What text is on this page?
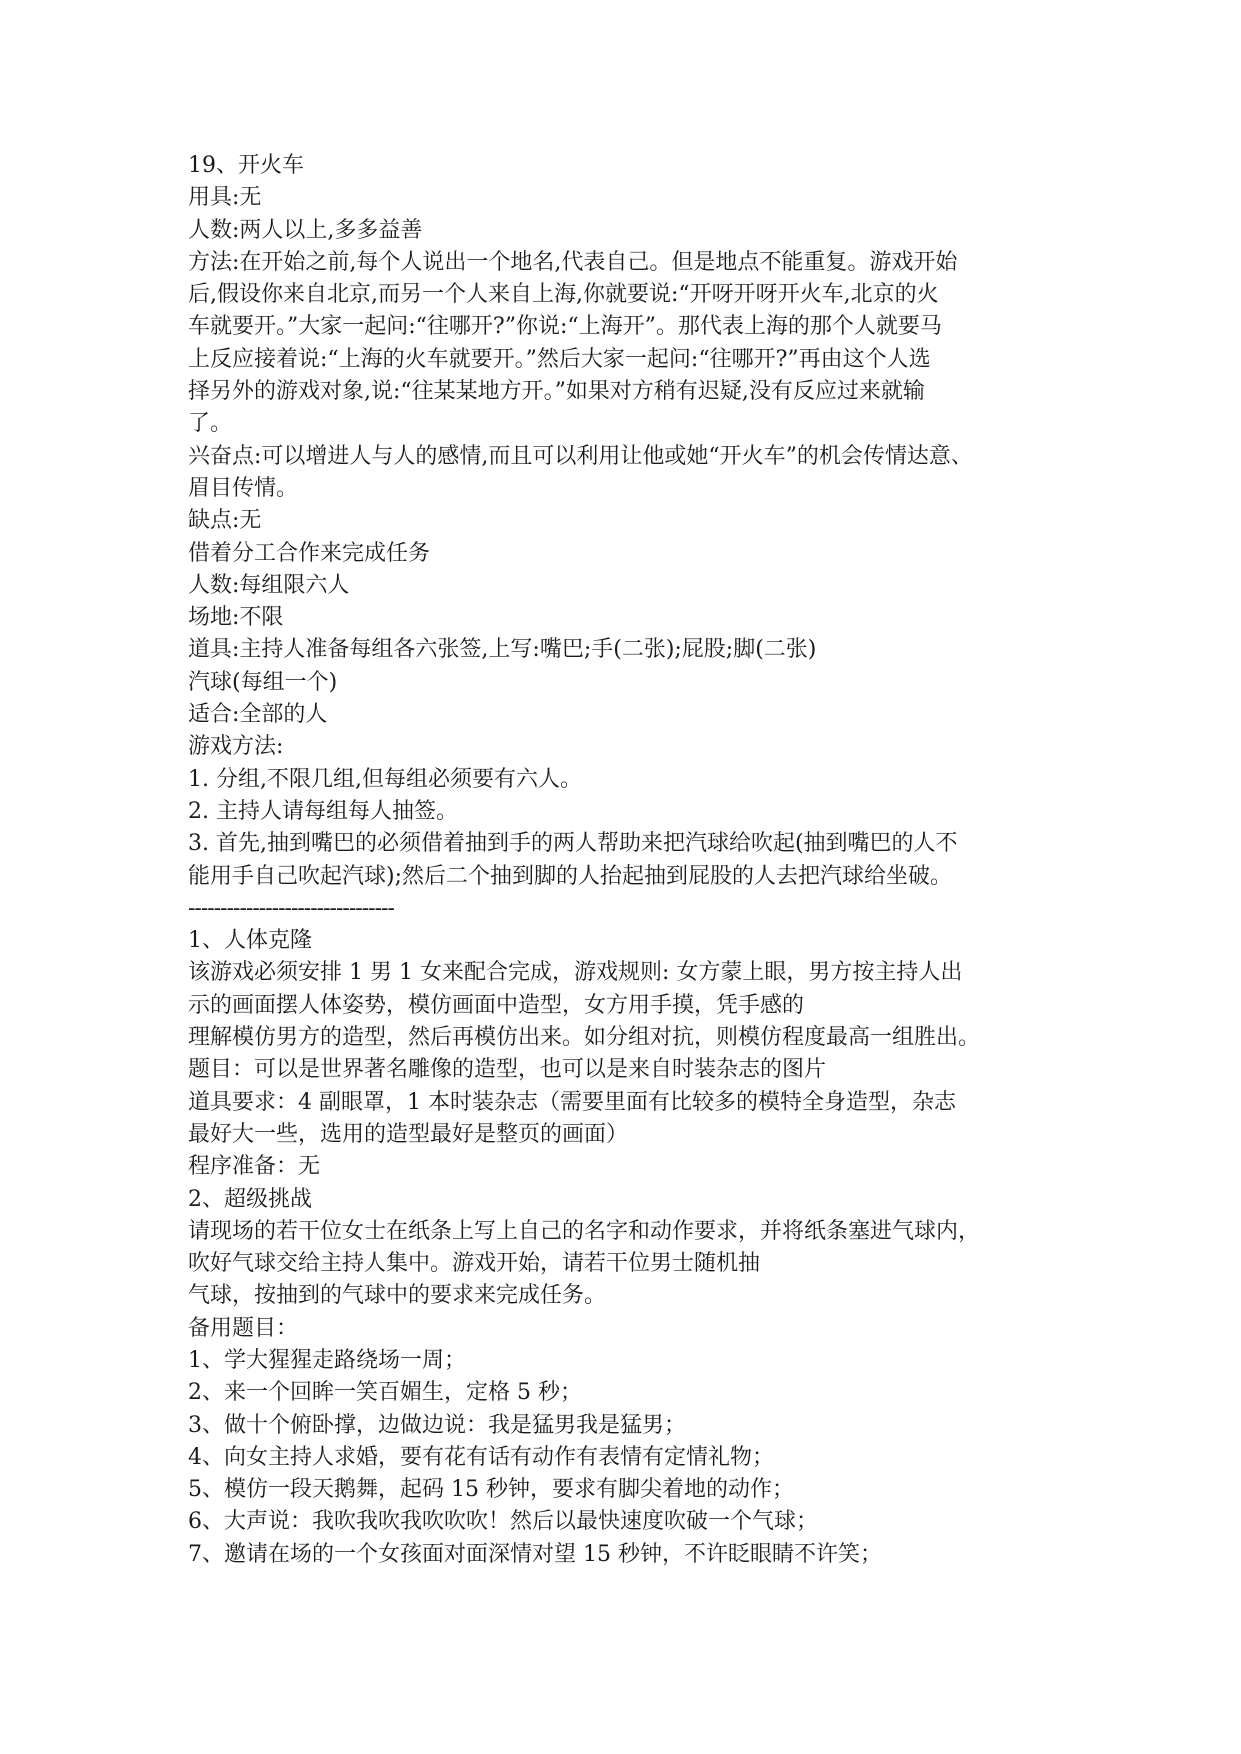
19、开火车
用具:无
人数:两人以上,多多益善
方法:在开始之前,每个人说出一个地名,代表自己。但是地点不能重复。游戏开始
后,假设你来自北京,而另一个人来自上海,你就要说:“开呀开呀开火车,北京的火
车就要开。”大家一起问:“往哪开?”你说:“上海开”。那代表上海的那个人就要马
上反应接着说:“上海的火车就要开。”然后大家一起问:“往哪开?”再由这个人选
择另外的游戏对象,说:“往某某地方开。”如果对方稍有迟疑,没有反应过来就输
了。
兴奋点:可以增进人与人的感情,而且可以利用让他或她“开火车”的机会传情达意、
眉目传情。
缺点:无
借着分工合作来完成任务
人数:每组限六人
场地:不限
道具:主持人准备每组各六张签,上写:嘴巴;手(二张);屁股;脚(二张)
汽球(每组一个)
适合:全部的人
游戏方法:
1. 分组,不限几组,但每组必须要有六人。
2. 主持人请每组每人抽签。
3. 首先,抽到嘴巴的必须借着抽到手的两人帮助来把汽球给吹起(抽到嘴巴的人不
能用手自己吹起汽球);然后二个抽到脚的人抬起抽到屁股的人去把汽球给坐破。
--------------------------------
1、人体克隆
该游戏必须安排 1 男 1 女来配合完成，游戏规则: 女方蒙上眼，男方按主持人出
示的画面摆人体姿势，模仿画面中造型，女方用手摸，凭手感的
理解模仿男方的造型，然后再模仿出来。如分组对抗，则模仿程度最高一组胜出。
题目：可以是世界著名雕像的造型，也可以是来自时装杂志的图片
道具要求：4 副眼罩，1 本时装杂志（需要里面有比较多的模特全身造型，杂志
最好大一些，选用的造型最好是整页的画面）
程序准备：无
2、超级挑战
请现场的若干位女士在纸条上写上自己的名字和动作要求，并将纸条塞进气球内，
吹好气球交给主持人集中。游戏开始，请若干位男士随机抽
气球，按抽到的气球中的要求来完成任务。
备用题目：
1、学大猩猩走路绕场一周；
2、来一个回眸一笑百媚生，定格 5 秒；
3、做十个俯卧撑，边做边说：我是猛男我是猛男；
4、向女主持人求婚，要有花有话有动作有表情有定情礼物；
5、模仿一段天鹅舞，起码 15 秒钟，要求有脚尖着地的动作；
6、大声说：我吹我吹我吹吹吹！然后以最快速度吹破一个气球；
7、邀请在场的一个女孩面对面深情对望 15 秒钟，不许眨眼睛不许笑；
